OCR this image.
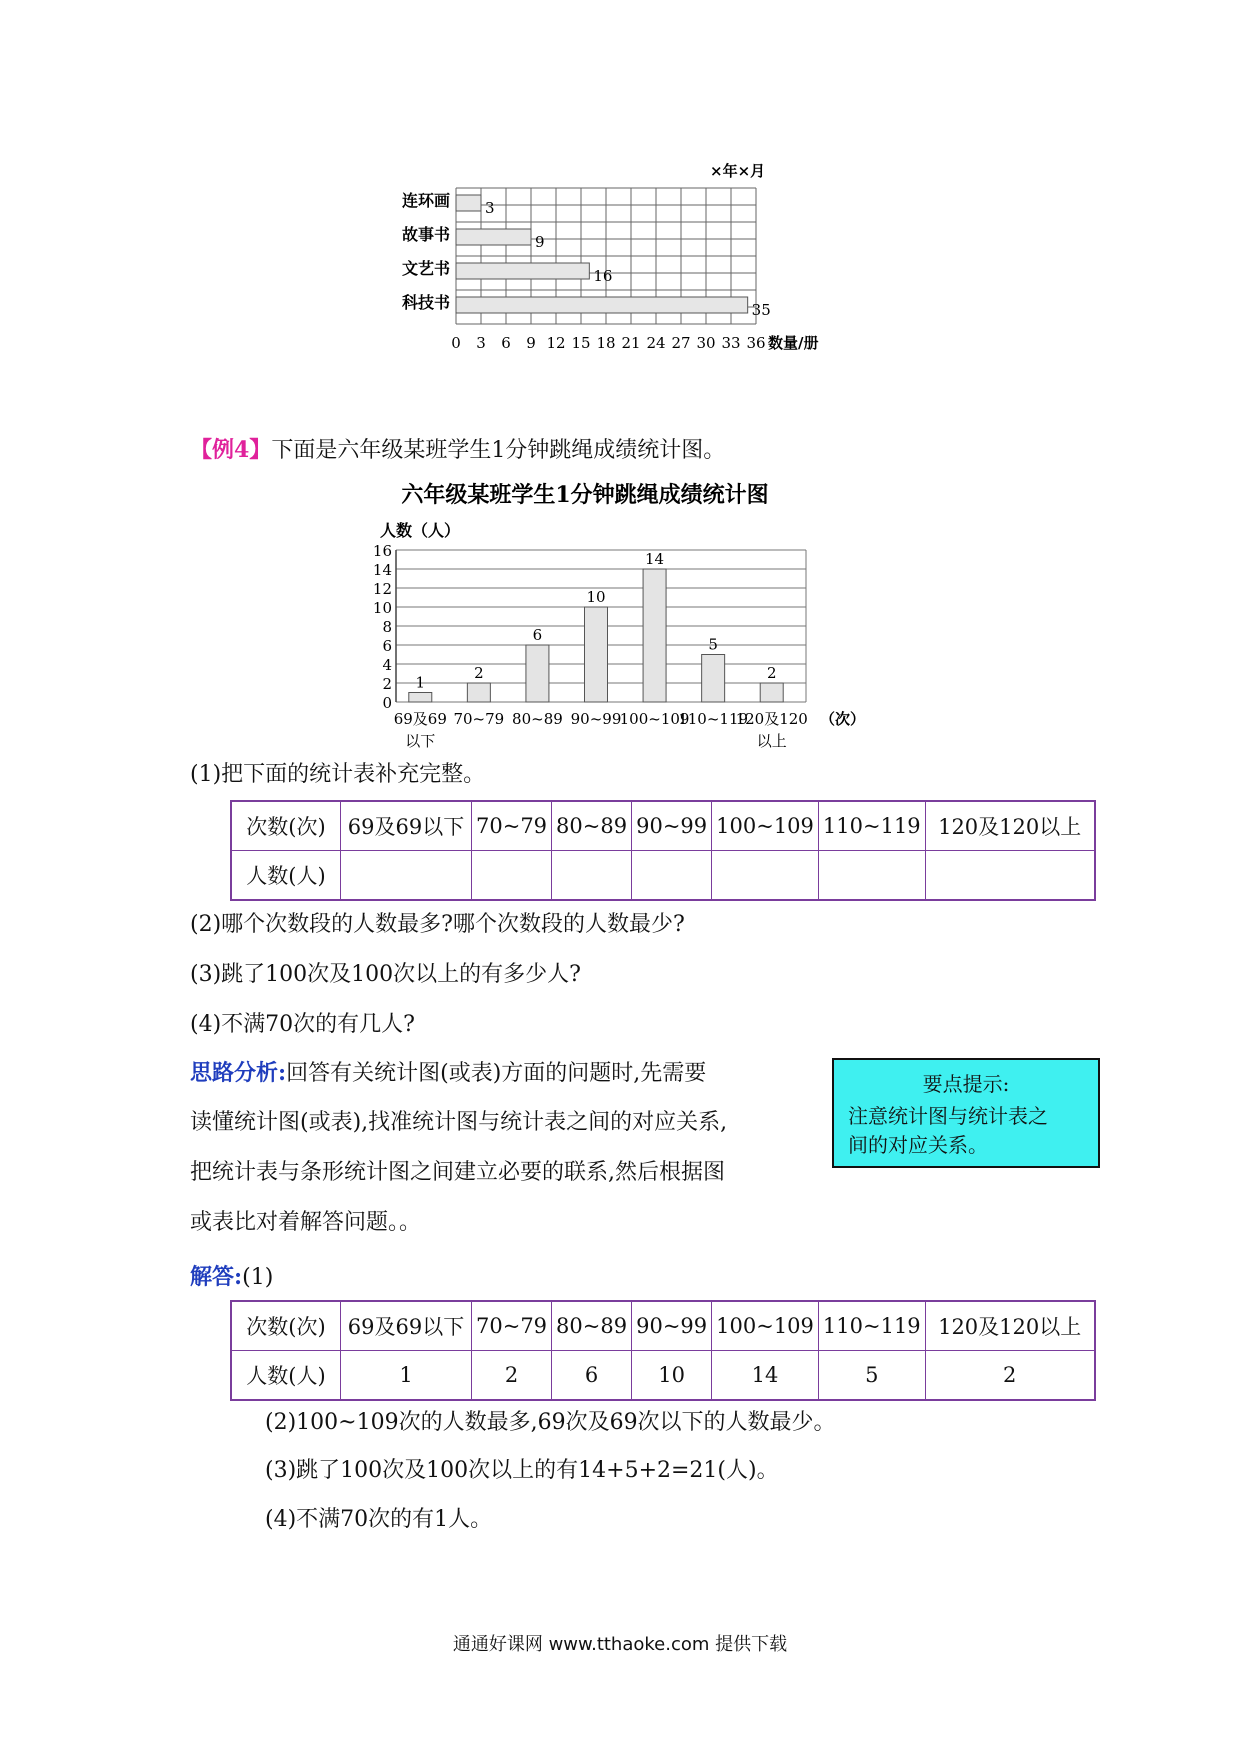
×年×月
连环画 3
故事书	9
文艺书	16
科技书	35
0 3 6 9 12 15 18 21 24 27 30 33 36 数量/册
【例4】下面是六年级某班学生1分钟跳绳成绩统计图。
六年级某班学生1分钟跳绳成绩统计图
人数（人）
0
2
4
6
8
10
12
14
16
1
69及69
以下
2
70~79
6
80~89
10
90~99
14
100~109
5
110~119
2
120及120
以上
（次）
(1)把下面的统计表补充完整。
次数(次)	69及69以下	70~79	80~89	90~99	100~109	110~119	120及120以上
人数(人)							
(2)哪个次数段的人数最多?哪个次数段的人数最少?
(3)跳了100次及100次以上的有多少人?
(4)不满70次的有几人?
思路分析:回答有关统计图(或表)方面的问题时,先需要
读懂统计图(或表),找准统计图与统计表之间的对应关系,
把统计表与条形统计图之间建立必要的联系,然后根据图
或表比对着解答问题。。
要点提示:
注意统计图与统计表之
间的对应关系。
解答:(1)
次数(次)	69及69以下	70~79	80~89	90~99	100~109	110~119	120及120以上
人数(人)	1	2	6	10	14	5	2
(2)100~109次的人数最多,69次及69次以下的人数最少。
(3)跳了100次及100次以上的有14+5+2=21(人)。
(4)不满70次的有1人。
通通好课网 www.tthaoke.com 提供下载
